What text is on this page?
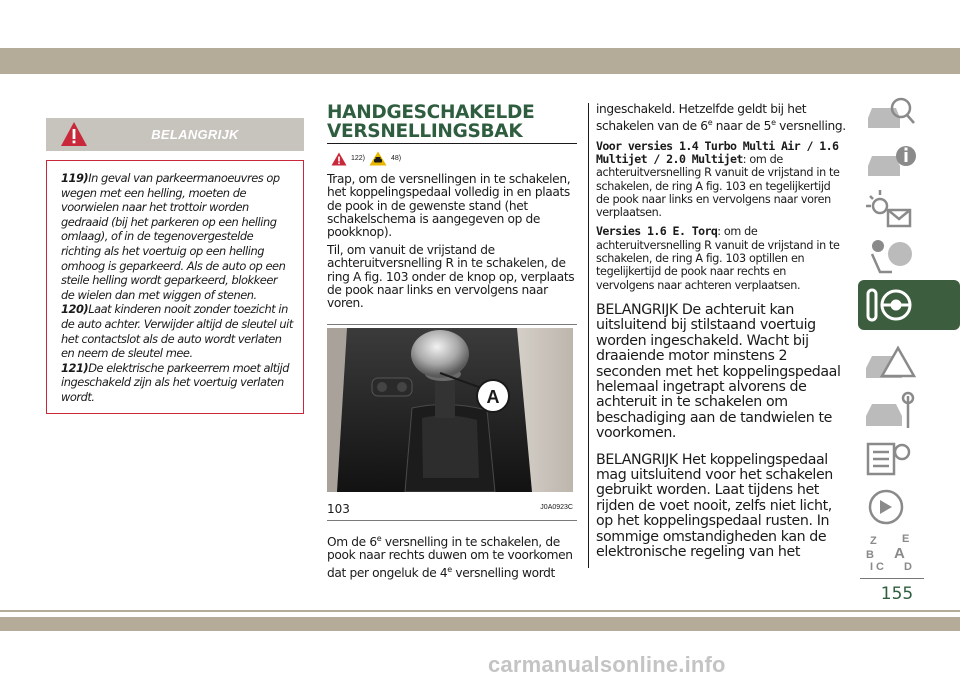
BELANGRIJK

119)In geval van parkeermanoeuvres op wegen met een helling, moeten de voorwielen naar het trottoir worden gedraaid (bij het parkeren op een helling omlaag), of in de tegenovergestelde richting als het voertuig op een helling omhoog is geparkeerd. Als de auto op een steile helling wordt geparkeerd, blokkeer de wielen dan met wiggen of stenen.

120)Laat kinderen nooit zonder toezicht in de auto achter. Verwijder altijd de sleutel uit het contactslot als de auto wordt verlaten en neem de sleutel mee.

121)De elektrische parkeerrem moet altijd ingeschakeld zijn als het voertuig verlaten wordt.

HANDGESCHAKELDE
VERSNELLINGSBAK
122)	48)

Trap, om de versnellingen in te schakelen, het koppelingspedaal volledig in en plaats de pook in de gewenste stand (het schakelschema is aangegeven op de pookknop).

Til, om vanuit de vrijstand de achteruitversnelling R in te schakelen, de ring A fig. 103 onder de knop op, verplaats de pook naar links en vervolgens naar voren.

A
103	J0A0923C

Om de 6e versnelling in te schakelen, de pook naar rechts duwen om te voorkomen dat per ongeluk de 4e versnelling wordt

ingeschakeld. Hetzelfde geldt bij het schakelen van de 6e naar de 5e versnelling.

Voor versies 1.4 Turbo Multi Air / 1.6 Multijet / 2.0 Multijet: om de achteruitversnelling R vanuit de vrijstand in te schakelen, de ring A fig. 103 en tegelijkertijd de pook naar links en vervolgens naar voren verplaatsen.

Versies 1.6 E. Torq: om de achteruitversnelling R vanuit de vrijstand in te schakelen, de ring A fig. 103 optillen en tegelijkertijd de pook naar rechts en vervolgens naar achteren verplaatsen.

BELANGRIJK De achteruit kan uitsluitend bij stilstaand voertuig worden ingeschakeld. Wacht bij draaiende motor minstens 2 seconden met het koppelingspedaal helemaal ingetrapt alvorens de achteruit in te schakelen om beschadiging aan de tandwielen te voorkomen.

BELANGRIJK Het koppelingspedaal mag uitsluitend voor het schakelen gebruikt worden. Laat tijdens het rijden de voet nooit, zelfs niet licht, op het koppelingspedaal rusten. In sommige omstandigheden kan de elektronische regeling van het

Z E
B A
C D
I
155
carmanualsonline.info
